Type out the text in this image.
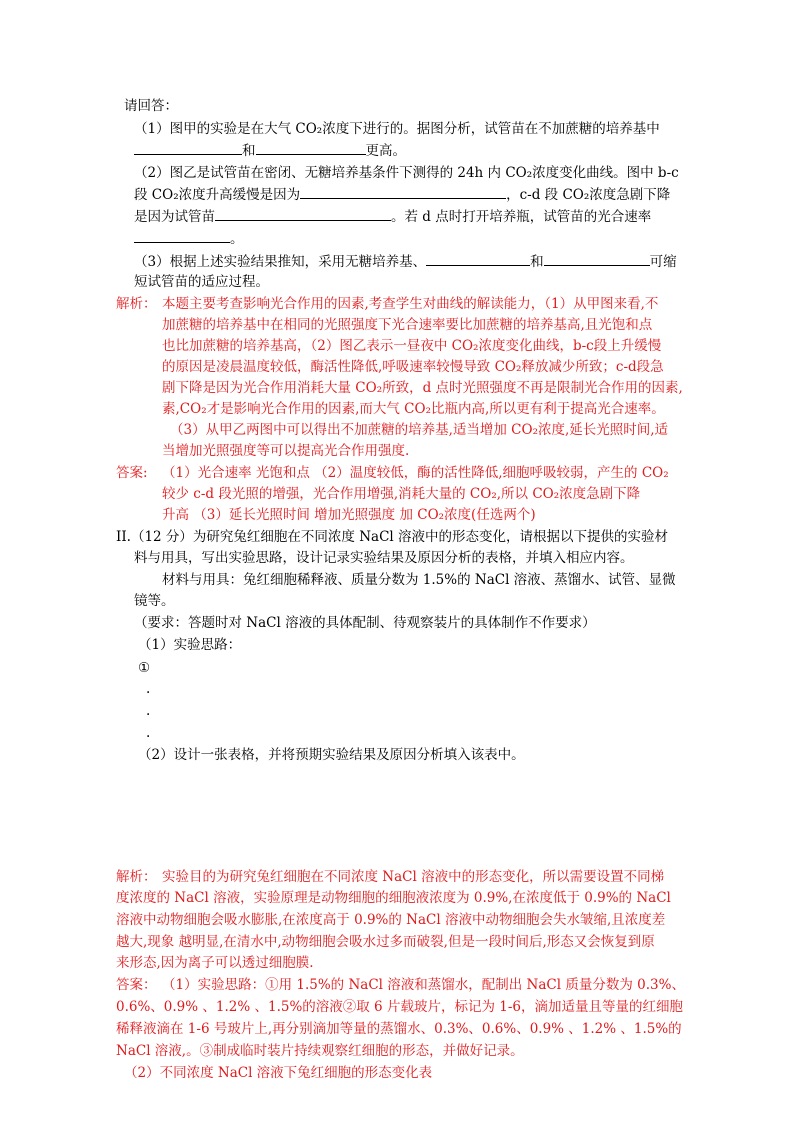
请回答：
（1）图甲的实验是在大气 CO₂浓度下进行的。据图分析，试管苗在不加蔗糖的培养基中
和	更高。
（2）图乙是试管苗在密闭、无糖培养基条件下测得的 24h 内 CO₂浓度变化曲线。图中 b-c
段 CO₂浓度升高缓慢是因为	，c-d 段 CO₂浓度急剧下降
是因为试管苗	。若 d 点时打开培养瓶，试管苗的光合速率
。
（3）根据上述实验结果推知，采用无糖培养基、	和	可缩
短试管苗的适应过程。
解析： 本题主要考查影响光合作用的因素,考查学生对曲线的解读能力，（1）从甲图来看,不
加蔗糖的培养基中在相同的光照强度下光合速率要比加蔗糖的培养基高,且光饱和点
也比加蔗糖的培养基高，（2）图乙表示一昼夜中 CO₂浓度变化曲线，b-c段上升缓慢
的原因是凌晨温度较低，酶活性降低,呼吸速率较慢导致 CO₂释放减少所致；c-d段急
剧下降是因为光合作用消耗大量 CO₂所致，d 点时光照强度不再是限制光合作用的因素,
素,CO₂才是影响光合作用的因素,而大气 CO₂比瓶内高,所以更有利于提高光合速率。
（3）从甲乙两图中可以得出不加蔗糖的培养基,适当增加 CO₂浓度,延长光照时间,适
当增加光照强度等可以提高光合作用强度.
答案: （1）光合速率 光饱和点 （2）温度较低，酶的活性降低,细胞呼吸较弱，产生的 CO₂
较少 c-d 段光照的增强，光合作用增强,消耗大量的 CO₂,所以 CO₂浓度急剧下降
升高 （3）延长光照时间 增加光照强度 加 CO₂浓度(任选两个)
II.（12 分）为研究兔红细胞在不同浓度 NaCl 溶液中的形态变化，请根据以下提供的实验材
料与用具，写出实验思路，设计记录实验结果及原因分析的表格，并填入相应内容。
材料与用具：兔红细胞稀释液、质量分数为 1.5%的 NaCl 溶液、蒸馏水、试管、显微
镜等。
（要求：答题时对 NaCl 溶液的具体配制、待观察装片的具体制作不作要求）
（1）实验思路：
①
.
.
.
（2）设计一张表格，并将预期实验结果及原因分析填入该表中。
解析： 实验目的为研究兔红细胞在不同浓度 NaCl 溶液中的形态变化，所以需要设置不同梯
度浓度的 NaCl 溶液，实验原理是动物细胞的细胞液浓度为 0.9%,在浓度低于 0.9%的 NaCl
溶液中动物细胞会吸水膨胀,在浓度高于 0.9%的 NaCl 溶液中动物细胞会失水皱缩,且浓度差
越大,现象 越明显,在清水中,动物细胞会吸水过多而破裂,但是一段时间后,形态又会恢复到原
来形态,因为离子可以透过细胞膜.
答案： （1）实验思路：①用 1.5%的 NaCl 溶液和蒸馏水，配制出 NaCl 质量分数为 0.3%、
0.6%、0.9% 、1.2% 、1.5%的溶液②取 6 片载玻片，标记为 1-6，滴加适量且等量的红细胞
稀释液滴在 1-6 号玻片上,再分别滴加等量的蒸馏水、0.3%、0.6%、0.9% 、1.2% 、1.5%的
NaCl 溶液,。③制成临时装片持续观察红细胞的形态，并做好记录。
（2）不同浓度 NaCl 溶液下兔红细胞的形态变化表
